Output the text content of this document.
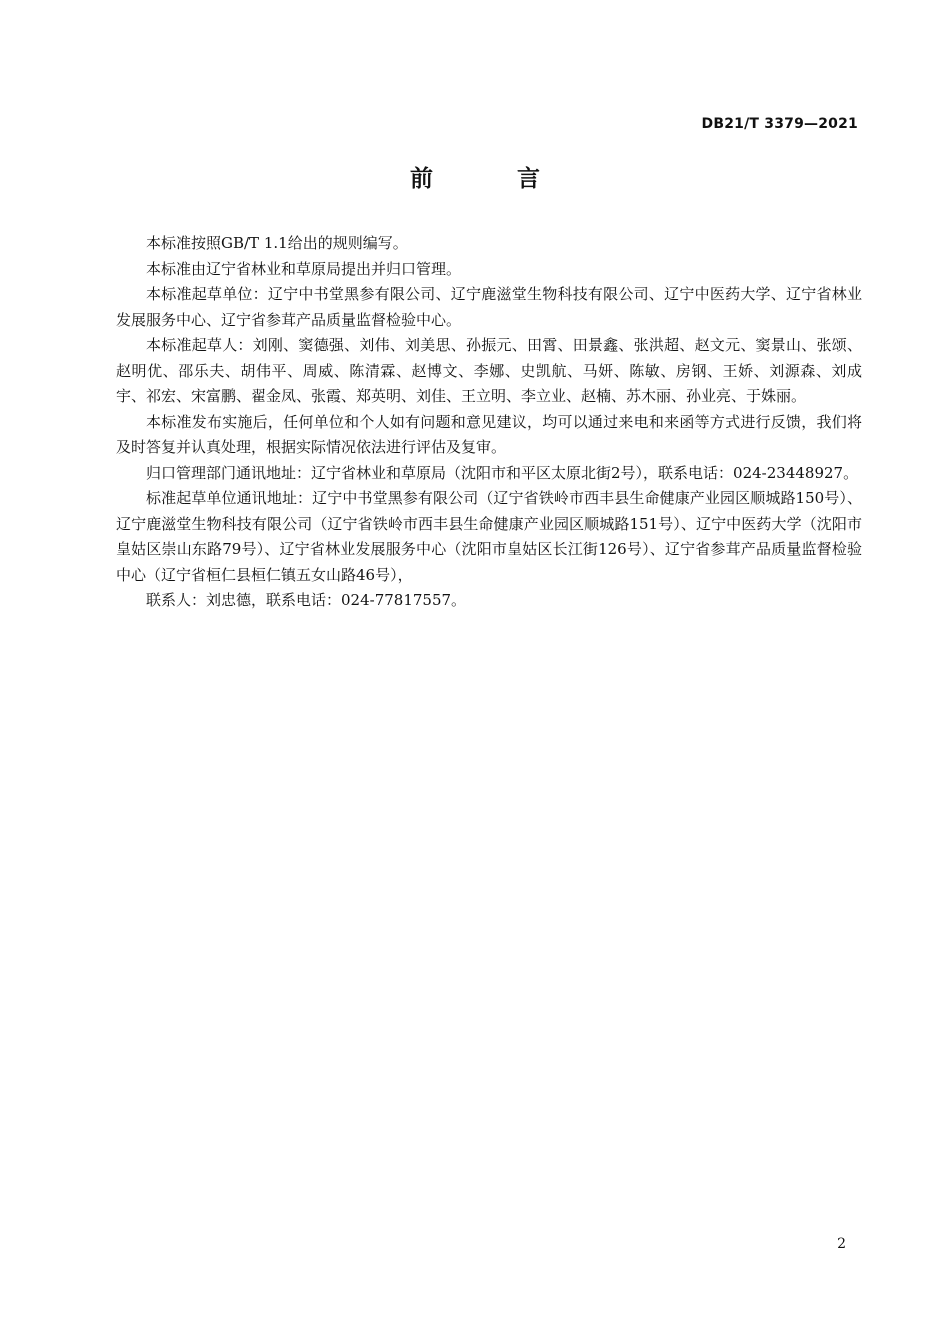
DB21/T 3379—2021
前 言

本标准按照GB/T 1.1给出的规则编写。

本标准由辽宁省林业和草原局提出并归口管理。

本标准起草单位：辽宁中书堂黑参有限公司、辽宁鹿滋堂生物科技有限公司、辽宁中医药大学、辽宁省林业发展服务中心、辽宁省参茸产品质量监督检验中心。

本标准起草人：刘刚、窦德强、刘伟、刘美思、孙振元、田霄、田景鑫、张洪超、赵文元、窦景山、张颂、赵明优、邵乐夫、胡伟平、周威、陈清霖、赵博文、李娜、史凯航、马妍、陈敏、房钢、王娇、刘源森、刘成宇、祁宏、宋富鹏、翟金凤、张霞、郑英明、刘佳、王立明、李立业、赵楠、苏木丽、孙业亮、于姝丽。

本标准发布实施后，任何单位和个人如有问题和意见建议，均可以通过来电和来函等方式进行反馈，我们将及时答复并认真处理，根据实际情况依法进行评估及复审。

归口管理部门通讯地址：辽宁省林业和草原局（沈阳市和平区太原北街2号），联系电话：024-23448927。

标准起草单位通讯地址：辽宁中书堂黑参有限公司（辽宁省铁岭市西丰县生命健康产业园区顺城路150号）、辽宁鹿滋堂生物科技有限公司（辽宁省铁岭市西丰县生命健康产业园区顺城路151号）、辽宁中医药大学（沈阳市皇姑区崇山东路79号）、辽宁省林业发展服务中心（沈阳市皇姑区长江街126号）、辽宁省参茸产品质量监督检验中心（辽宁省桓仁县桓仁镇五女山路46号），

联系人：刘忠德，联系电话：024-77817557。

2
